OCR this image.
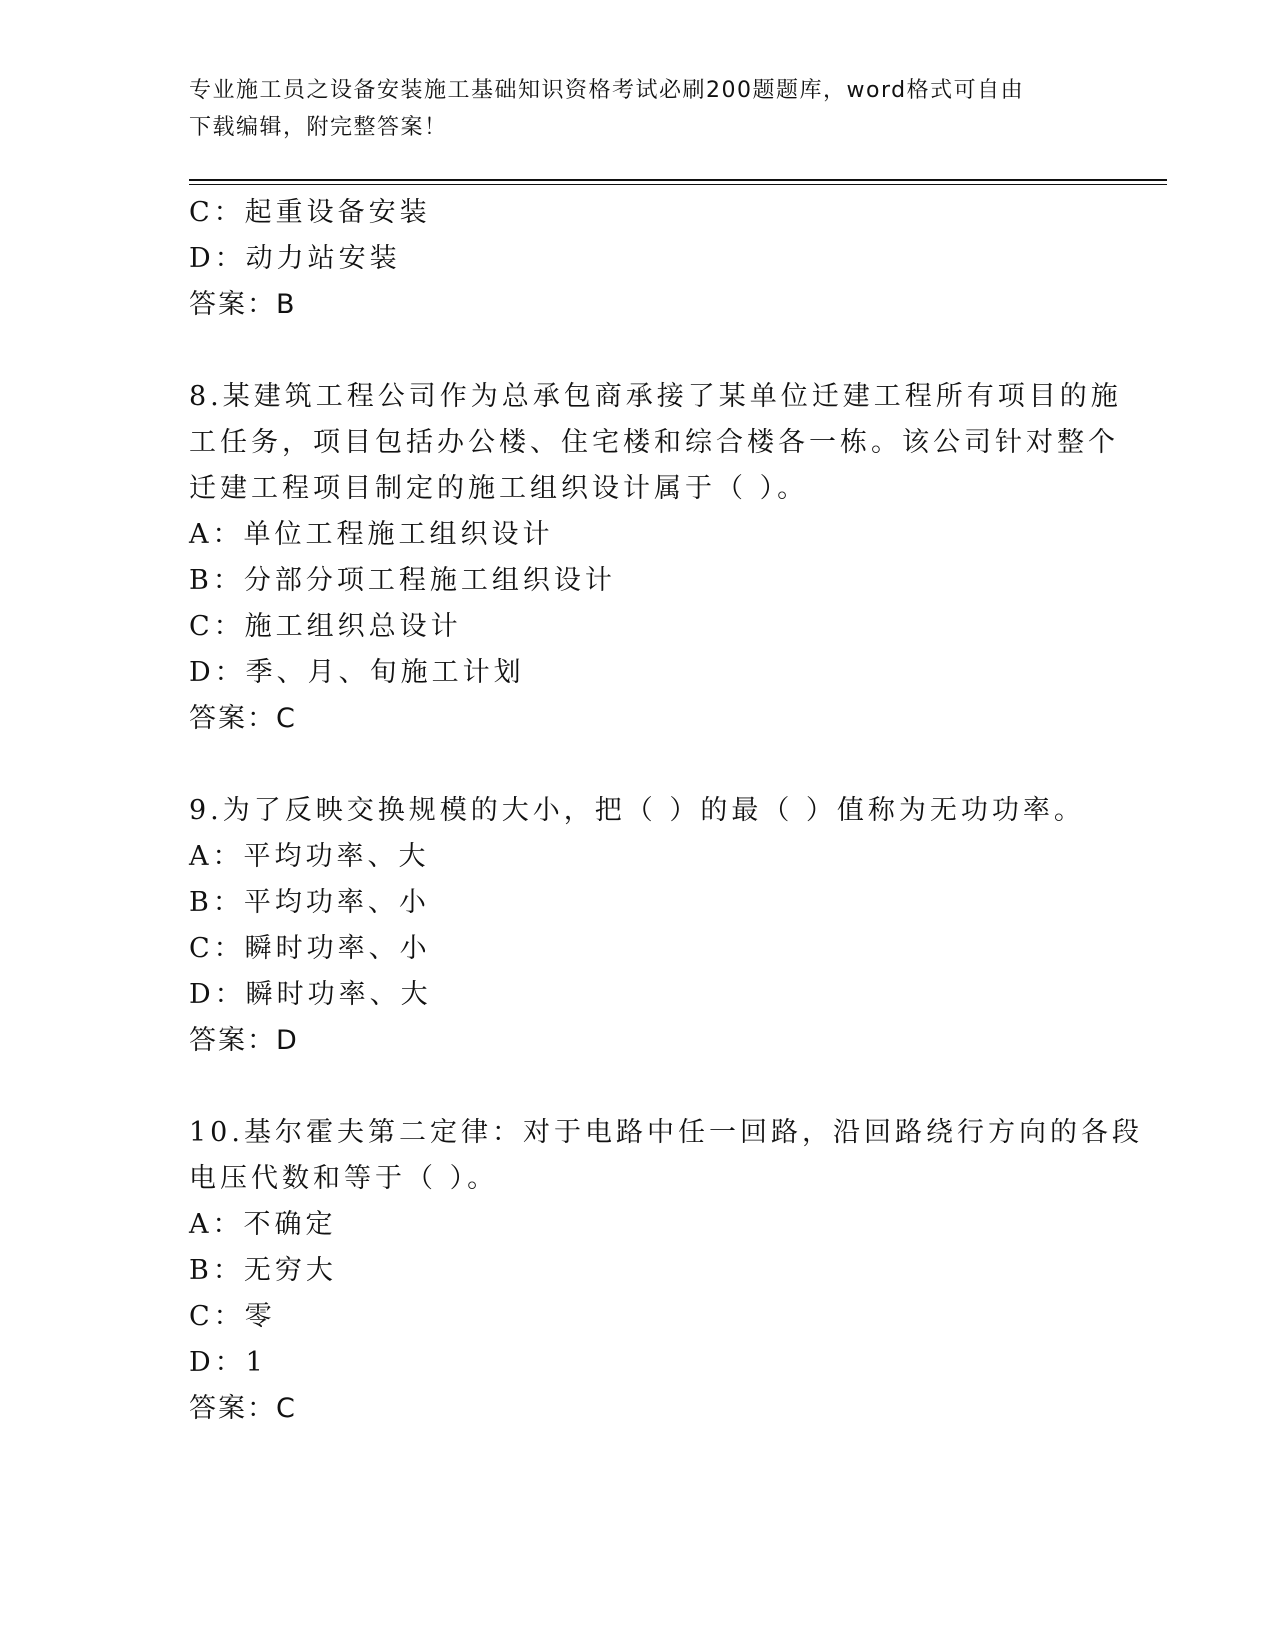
专业施工员之设备安装施工基础知识资格考试必刷200题题库，word格式可自由
下载编辑，附完整答案！
C：起重设备安装
D：动力站安装
答案：B
8.某建筑工程公司作为总承包商承接了某单位迁建工程所有项目的施
工任务，项目包括办公楼、住宅楼和综合楼各一栋。该公司针对整个
迁建工程项目制定的施工组织设计属于（ ）。
A：单位工程施工组织设计
B：分部分项工程施工组织设计
C：施工组织总设计
D：季、月、旬施工计划
答案：C
9.为了反映交换规模的大小，把（ ）的最（ ）值称为无功功率。
A：平均功率、大
B：平均功率、小
C：瞬时功率、小
D：瞬时功率、大
答案：D
10.基尔霍夫第二定律：对于电路中任一回路，沿回路绕行方向的各段
电压代数和等于（ ）。
A：不确定
B：无穷大
C：零
D：1
答案：C
